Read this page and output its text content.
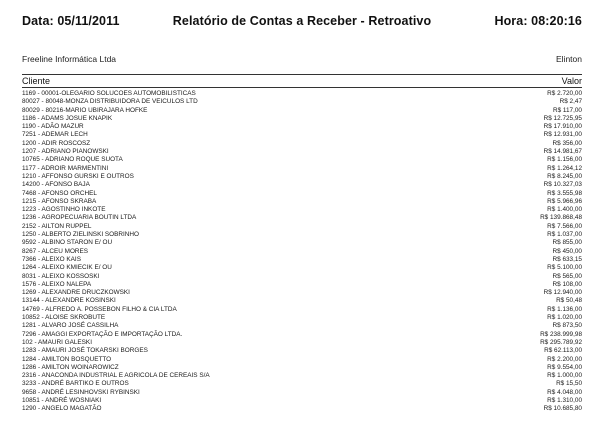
Data: 05/11/2011	Relatório de Contas a Receber - Retroativo	Hora: 08:20:16
Freeline Informática Ltda	Elinton
Cliente	Valor
1169 - 00001-OLEGARIO SOLUCOES AUTOMOBILISTICAS	R$ 2.720,00
80027 - 80048-MONZA DISTRIBUIDORA DE VEICULOS LTD	R$ 2,47
80029 - 80216-MARIO UBIRAJARA HOFKE	R$ 117,00
1186 - ADAMS JOSUE KNAPIK	R$ 12.725,95
1190 - ADÃO MAZUR	R$ 17.910,00
7251 - ADEMAR LECH	R$ 12.931,00
1200 - ADIR ROSCOSZ	R$ 356,00
1207 - ADRIANO PIANOWSKI	R$ 14.981,67
10765 - ADRIANO ROQUE SUOTA	R$ 1.156,00
1177 - ADROIR MARMENTINI	R$ 1.264,12
1210 - AFFONSO GURSKI E OUTROS	R$ 8.245,00
14200 - AFONSO BAJA	R$ 10.327,03
7468 - AFONSO ORCHEL	R$ 3.555,98
1215 - AFONSO SKRABA	R$ 5.966,96
1223 - AGOSTINHO INKOTE	R$ 1.400,00
1236 - AGROPECUARIA BOUTIN LTDA	R$ 139.868,48
2152 - AILTON RUPPEL	R$ 7.566,00
1250 - ALBERTO ZIELINSKI SOBRINHO	R$ 1.037,00
9592 - ALBINO STARON E/ OU	R$ 855,00
8267 - ALCEU MORES	R$ 450,00
7366 - ALEIXO KAIS	R$ 633,15
1264 - ALEIXO KMIECIK E/ OU	R$ 5.100,00
8031 - ALEIXO KOSSOSKI	R$ 565,00
1576 - ALEIXO NALEPA	R$ 108,00
1269 - ALEXANDRE DRUCZKOWSKI	R$ 12.940,00
13144 - ALEXANDRE KOSINSKI	R$ 50,48
14769 - ALFREDO A. POSSEBON FILHO & CIA LTDA	R$ 1.136,00
10852 - ALOISE SKROBUTE	R$ 1.020,00
1281 - ALVARO JOSÉ CASSILHA	R$ 873,50
7296 - AMAGGI EXPORTAÇÃO E IMPORTAÇÃO LTDA.	R$ 238.999,98
102 - AMAURI GALESKI	R$ 295.789,92
1283 - AMAURI JOSÉ TOKARSKI BORGES	R$ 62.113,00
1284 - AMILTON BOSQUETTO	R$ 2.200,00
1286 - AMILTON WOINAROWICZ	R$ 9.554,00
2316 - ANACONDA INDUSTRIAL E AGRICOLA DE CEREAIS S/A	R$ 1.000,00
3233 - ANDRÉ BARTIKO E OUTROS	R$ 15,50
9658 - ANDRÉ LESINHOVSKI RYBINSKI	R$ 4.048,00
10851 - ANDRÉ WOSNIAKI	R$ 1.310,00
1290 - ANGELO MAGATÃO	R$ 10.685,80
